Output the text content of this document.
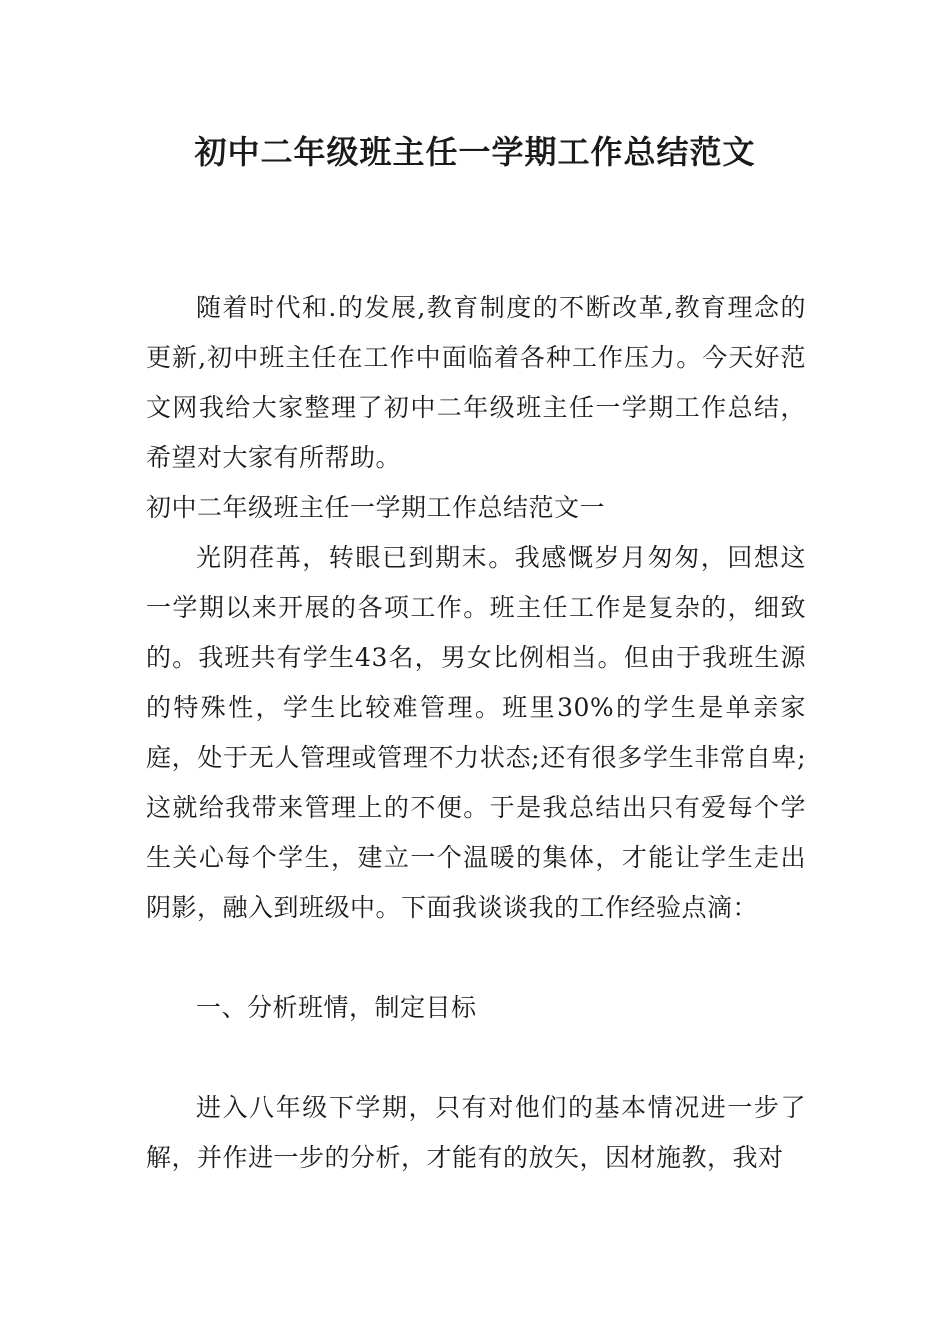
初中二年级班主任一学期工作总结范文
随着时代和.的发展,教育制度的不断改革,教育理念的更新,初中班主任在工作中面临着各种工作压力。今天好范文网我给大家整理了初中二年级班主任一学期工作总结，希望对大家有所帮助。
初中二年级班主任一学期工作总结范文一
光阴荏苒，转眼已到期末。我感慨岁月匆匆，回想这一学期以来开展的各项工作。班主任工作是复杂的，细致的。我班共有学生43名，男女比例相当。但由于我班生源的特殊性，学生比较难管理。班里30%的学生是单亲家庭，处于无人管理或管理不力状态;还有很多学生非常自卑;这就给我带来管理上的不便。于是我总结出只有爱每个学生关心每个学生，建立一个温暖的集体，才能让学生走出阴影，融入到班级中。下面我谈谈我的工作经验点滴：
一、分析班情，制定目标
进入八年级下学期，只有对他们的基本情况进一步了解，并作进一步的分析，才能有的放矢，因材施教，我对
